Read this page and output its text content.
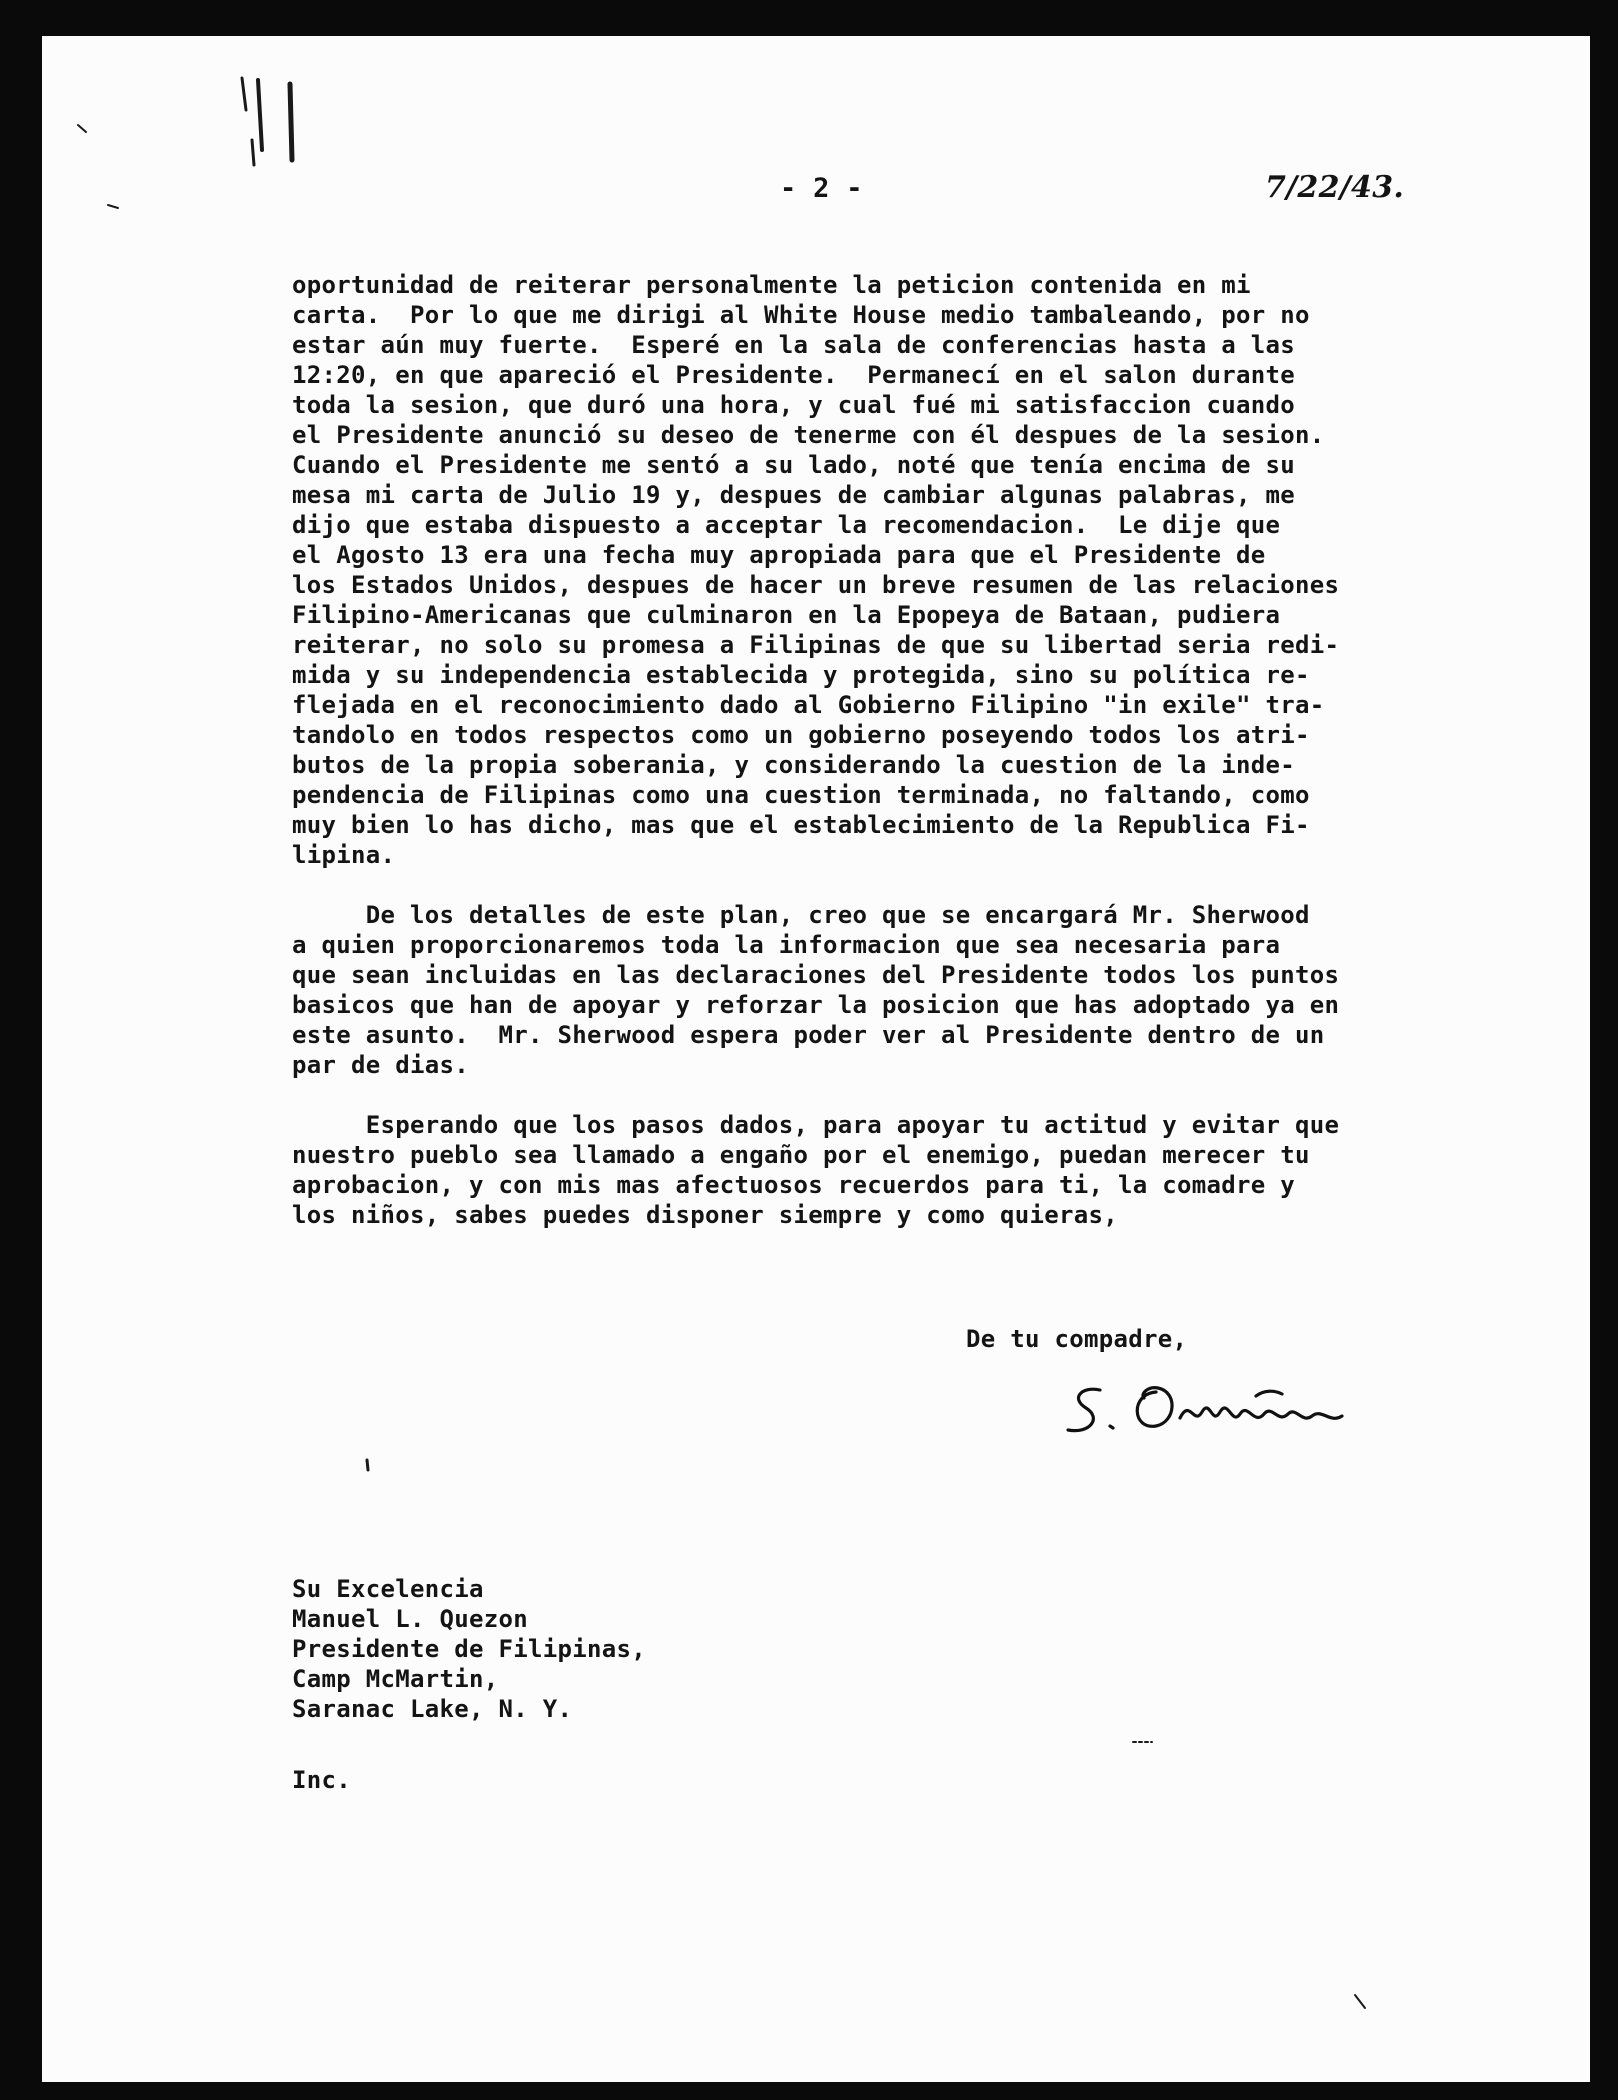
- 2 -	7/22/43.
oportunidad de reiterar personalmente la peticion contenida en mi
carta.  Por lo que me dirigi al White House medio tambaleando, por no
estar aún muy fuerte.  Esperé en la sala de conferencias hasta a las
12:20, en que apareció el Presidente.  Permanecí en el salon durante
toda la sesion, que duró una hora, y cual fué mi satisfaccion cuando
el Presidente anunció su deseo de tenerme con él despues de la sesion.
Cuando el Presidente me sentó a su lado, noté que tenía encima de su
mesa mi carta de Julio 19 y, despues de cambiar algunas palabras, me
dijo que estaba dispuesto a acceptar la recomendacion.  Le dije que
el Agosto 13 era una fecha muy apropiada para que el Presidente de
los Estados Unidos, despues de hacer un breve resumen de las relaciones
Filipino-Americanas que culminaron en la Epopeya de Bataan, pudiera
reiterar, no solo su promesa a Filipinas de que su libertad seria redi-
mida y su independencia establecida y protegida, sino su política re-
flejada en el reconocimiento dado al Gobierno Filipino "in exile" tra-
tandolo en todos respectos como un gobierno poseyendo todos los atri-
butos de la propia soberania, y considerando la cuestion de la inde-
pendencia de Filipinas como una cuestion terminada, no faltando, como
muy bien lo has dicho, mas que el establecimiento de la Republica Fi-
lipina.
De los detalles de este plan, creo que se encargará Mr. Sherwood
a quien proporcionaremos toda la informacion que sea necesaria para
que sean incluidas en las declaraciones del Presidente todos los puntos
basicos que han de apoyar y reforzar la posicion que has adoptado ya en
este asunto.  Mr. Sherwood espera poder ver al Presidente dentro de un
par de dias.
Esperando que los pasos dados, para apoyar tu actitud y evitar que
nuestro pueblo sea llamado a engaño por el enemigo, puedan merecer tu
aprobacion, y con mis mas afectuosos recuerdos para ti, la comadre y
los niños, sabes puedes disponer siempre y como quieras,
De tu compadre,
Su Excelencia
Manuel L. Quezon
Presidente de Filipinas,
Camp McMartin,
Saranac Lake, N. Y.
Inc.
